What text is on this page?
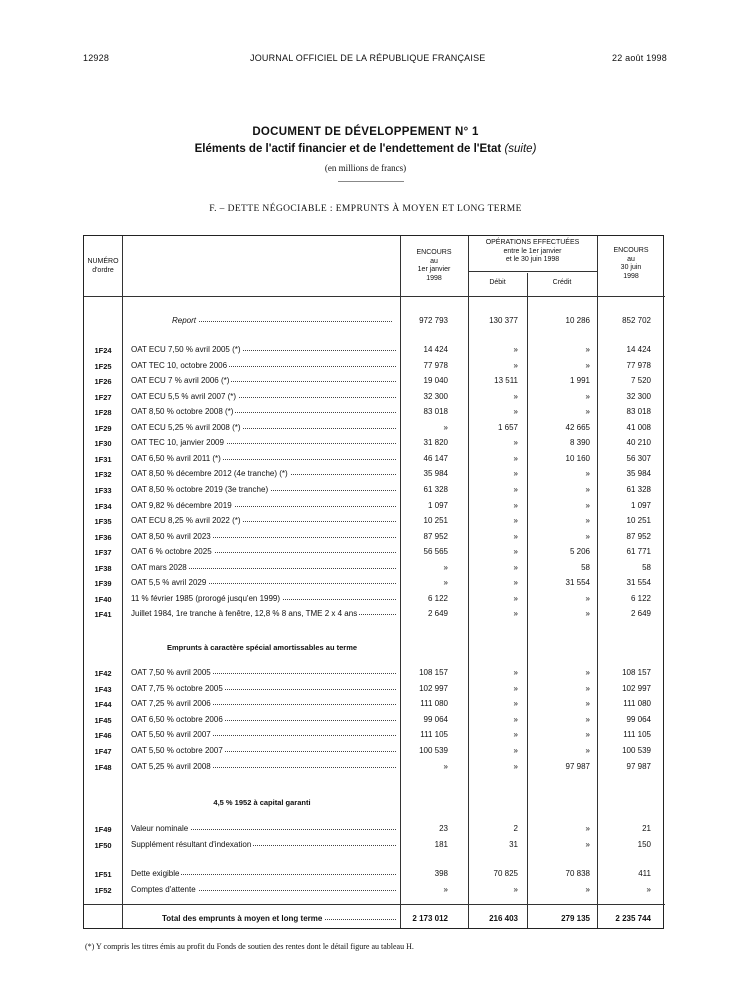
12928	JOURNAL OFFICIEL DE LA RÉPUBLIQUE FRANÇAISE	22 août 1998
DOCUMENT DE DÉVELOPPEMENT N° 1
Eléments de l'actif financier et de l'endettement de l'Etat (suite)
(en millions de francs)
F. – DETTE NÉGOCIABLE : EMPRUNTS À MOYEN ET LONG TERME
NUMÉRO
d'ordre
ENCOURS
au
1er janvier
1998
OPÉRATIONS EFFECTUÉES
entre le 1er janvier
et le 30 juin 1998
Débit	Crédit
ENCOURS
au
30 juin
1998
Report	972 793	130 377	10 286	852 702
1F24	OAT ECU 7,50 % avril 2005 (*)	14 424	»	»	14 424
1F25	OAT TEC 10, octobre 2006	77 978	»	»	77 978
1F26	OAT ECU 7 % avril 2006 (*)	19 040	13 511	1 991	7 520
1F27	OAT ECU 5,5 % avril 2007 (*)	32 300	»	»	32 300
1F28	OAT 8,50 % octobre 2008 (*)	83 018	»	»	83 018
1F29	OAT ECU 5,25 % avril 2008 (*)	»	1 657	42 665	41 008
1F30	OAT TEC 10, janvier 2009	31 820	»	8 390	40 210
1F31	OAT 6,50 % avril 2011 (*)	46 147	»	10 160	56 307
1F32	OAT 8,50 % décembre 2012 (4e tranche) (*)	35 984	»	»	35 984
1F33	OAT 8,50 % octobre 2019 (3e tranche)	61 328	»	»	61 328
1F34	OAT 9,82 % décembre 2019	1 097	»	»	1 097
1F35	OAT ECU 8,25 % avril 2022 (*)	10 251	»	»	10 251
1F36	OAT 8,50 % avril 2023	87 952	»	»	87 952
1F37	OAT 6 % octobre 2025	56 565	»	5 206	61 771
1F38	OAT mars 2028	»	»	58	58
1F39	OAT 5,5 % avril 2029	»	»	31 554	31 554
1F40	11 % février 1985 (prorogé jusqu'en 1999)	6 122	»	»	6 122
1F41	Juillet 1984, 1re tranche à fenêtre, 12,8 % 8 ans, TME 2 x 4 ans	2 649	»	»	2 649
Emprunts à caractère spécial amortissables au terme
1F42	OAT 7,50 % avril 2005	108 157	»	»	108 157
1F43	OAT 7,75 % octobre 2005	102 997	»	»	102 997
1F44	OAT 7,25 % avril 2006	111 080	»	»	111 080
1F45	OAT 6,50 % octobre 2006	99 064	»	»	99 064
1F46	OAT 5,50 % avril 2007	111 105	»	»	111 105
1F47	OAT 5,50 % octobre 2007	100 539	»	»	100 539
1F48	OAT 5,25 % avril 2008	»	»	97 987	97 987
4,5 % 1952 à capital garanti
1F49	Valeur nominale	23	2	»	21
1F50	Supplément résultant d'indexation	181	31	»	150
1F51	Dette exigible	398	70 825	70 838	411
1F52	Comptes d'attente	»	»	»	»
Total des emprunts à moyen et long terme	2 173 012	216 403	279 135	2 235 744
(*) Y compris les titres émis au profit du Fonds de soutien des rentes dont le détail figure au tableau H.
